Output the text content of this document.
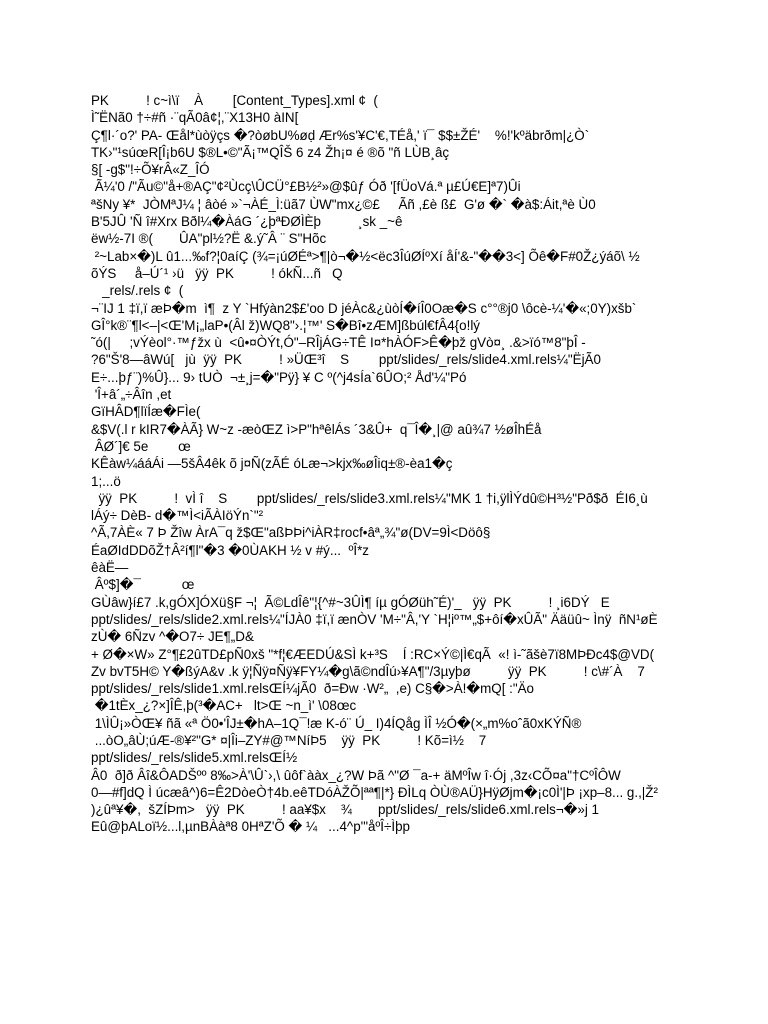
PK          ! c~ì\ï    À        [Content_Types].xml ¢  (
Ì˜ËNã0 †÷#ñ ·¨qÃ0â¢¦,¨X13H0 àIN[
Ç¶l·´o?' PA- Œål*ùòÿçs �?òøbU%øḍ Ær%s'¥C'€,TÉå,' ï¯ $$±ŽÉ'    %!'kºäbrðm|¿Ò`
TK›"¹súœR[Î¡b6U $®L•©"Ã¡™QÎŠ 6 z4 Žh¡¤ é ®õ "ñ LÙB¸âç
§[ -g$"!÷Õ¥rÂ«Z_ÎÓ
Ã¼'0 /"Ãu©"å+®AÇ"¢²Ùcç\ÛCÜ°£B½²»@$ûƒ Óð '[fÜoVá.ª µ£Ú€E]ª7)Ûi
ªšNy ¥*  JÒMªJ¼ ¦ âòé »`¬ÀÉ_Ì:üã7 ÙW"mx¿©£     Ãñ ,£è ß£  G'ø �` �à$:Áit,ªè Ù0
B'5JÛ 'Ñ î#Xrx Bðl¼�ÀáG ´¿þªÐØÌÈþ          ¸sk _~ê
ëw½-7I ®(       ÛA"pl½?Ë &.ý˜Â ¨ S"Hõc
²~Lab×�)L û1...‰f?¦0aíÇ (¾=¡úØÉª>¶|ò¬�½<ëc3ÎúØÍºXí åÍ'&-"��3<] Õê�F#0Ž¿ýáõ\ ½
õÝS     å–Ú´¹ ›ü   ÿÿ  PK          ! ókÑ...ñ   Q
_rels/.rels ¢  (
¬¨IJ 1 ‡ï,ï æÞ�m  ì¶  z Y `Hfýàn2$£'oo D jéÀc&¿ùòÍ�íÎ0Oæ�S c°°®j0 \ôcè-¼'�«;0Y)xšb`
GÎ°k®¨¶l<–|<Œ'M¡„laP•(Âl ž)WQ8"›.¦™' S�Bî•zÆM]ßbúl€fÂ4{o!lý
˜ó(|     ;vÝèol°·™ƒžx ù  <û•¤ÒÝt,Ó"–RÎjÁG÷TÊ I¤*hÀÓF>Ê�þž gVò¤¸ .&>ïó™8"þÎ -
?6"Š'8—âWú[   jù  ÿÿ  PK          ! »ÜŒ³î    S        ppt/slides/_rels/slide4.xml.rels¼"ËjÃ0
E÷...þƒ¨)%Û}... 9› tUÒ  ¬±¸j=�"Pÿ} ¥ C º(^j4sÍa`6ÛO;² Åd'¼"Pó
'Î+â´„÷Âîn ,et
GïHÂD¶lïÍæ�FÌe(
&$V(.l r kIR7�ÀÃ} W~z -æòŒZ ì>P"hªêlÁs ´3&Û+  q¯Î�¸|@ aû¾7 ½øÎhÉå
ÂØ´]€ 5e        œ
KÊàw¼ááÁi —5šÂ4êk õ j¤Ñ(zÃÉ óLæ¬>kjx‰øÎiq±®-èa1�ç
1;...ö
ÿÿ  PK          !  vÌ î    S        ppt/slides/_rels/slide3.xml.rels¼"MK 1 †i,ÿlÌÝdû©H³½"Pð$ð  ÉI6¸ù
lÁý÷ DèB- d�™Ì<iÃÀIöÝn`"²
^Ã,7ÀÈ« 7 Þ Žîw ÀrA¯q ž$Œ"aßÞÞi^iÀR‡rocf•âª„¾"ø(DV=9Ì<Döô§
ÉaØIdDDõŽ†Â²í¶l"�3 �0ÙAKH ½ v #ý...  ºÎ*z
êàË—
Âº$]�¯           œ
GÙâw}í£7 .k,gÓX]ÓXü§F ¬¦  Ã©LdÎê"¦{^#~3ÛÌ¶ íµ gÓØüh˜É)'_   ÿÿ  PK          ! ¸i6DÝ   E
ppt/slides/_rels/slide2.xml.rels¼"ÍJÀ0 ‡ï,ï ænÒV 'M÷"Â,'Y `H¦iº™„$+ôí�xÛÃ" Ääüû~ Ìnÿ  ñN¹øÈ
zÙ� 6Ñzv ^�O7÷ JE¶„D&
+ Ø�×W» Z°¶£2ûTD£pÑ0xš "*f¦€ÆEDÚ&SÌ k+³S    Í :RC×Ý©|Ì€qÃ  «! ì-˜ãšè7ï8MÞÐc4$@VD(
Zv bvT5H© Y�ßýA&v .k ÿ¦Ñÿ¤Ñÿ¥FY¼�g\ã©ndÎú›¥A¶"/3µyþø          ÿÿ  PK          ! c\#´À    7
ppt/slides/_rels/slide1.xml.relsŒÍ¼jÃ0  ð=Ðw ·W²„  ,e) C§�>À!�mQ[ :"Äo
�1tÈx_¿?×]ÎÊ,þ(³�AC+   lt>Œ ~n_ì' \08œc
1\ÌÛ¡»ÒŒ¥ ñã «ª Ö0•'ÎJ±�hA–1Q¯!æ K-ó¨ Ú_ I)4ÍQåg ÌÎ ½Ó�(×„m%oˆã0xKÝÑ®
...òO„âÙ;úÆ-®¥²"G* ¤|Îi–ZY#@™NíÞ5    ÿÿ  PK          ! Kõ=ì½    7
ppt/slides/_rels/slide5.xml.relsŒÍ½
Â0  ð]ð Âî&ÔADŠºº 8‰>À'\Û`›,\ ûôf`ààx_¿?W Þã ^"Ø ¯a-+ äMºÎw î·Ój ,3z‹CÕ¤a"†CºÎÔW
0—#f]dQ Ì úcæâ^)6=Ê2DòeÒ†4b.eêTDóÀŽÕ|ªª¶|*} ÐÌLq ÒÙ®AÜ}HÿØjm�¡c0Ì'|Þ ¡xp–8... g.,|Ž²
)¿ûª¥�,  šZÍÞm>   ÿÿ  PK          ! aa¥$x    ¾       ppt/slides/_rels/slide6.xml.rels¬�»j 1
Eû@þALoï½...l,µnBÀàª8 0HªZ'Õ � ¼   ...4^p'"åºÎ÷Ìþp
